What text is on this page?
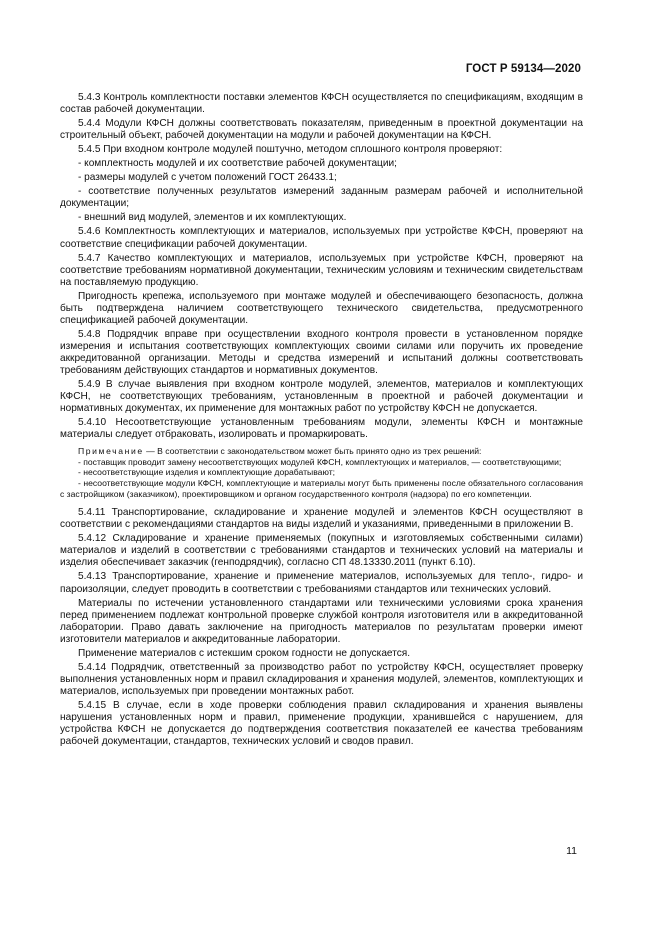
ГОСТ Р 59134—2020

5.4.3 Контроль комплектности поставки элементов КФСН осуществляется по спецификациям, входящим в состав рабочей документации.

5.4.4 Модули КФСН должны соответствовать показателям, приведенным в проектной документации на строительный объект, рабочей документации на модули и рабочей документации на КФСН.

5.4.5 При входном контроле модулей поштучно, методом сплошного контроля проверяют:

- комплектность модулей и их соответствие рабочей документации;

- размеры модулей с учетом положений ГОСТ 26433.1;

- соответствие полученных результатов измерений заданным размерам рабочей и исполнительной документации;

- внешний вид модулей, элементов и их комплектующих.

5.4.6 Комплектность комплектующих и материалов, используемых при устройстве КФСН, проверяют на соответствие спецификации рабочей документации.

5.4.7 Качество комплектующих и материалов, используемых при устройстве КФСН, проверяют на соответствие требованиям нормативной документации, техническим условиям и техническим свидетельствам на поставляемую продукцию.

Пригодность крепежа, используемого при монтаже модулей и обеспечивающего безопасность, должна быть подтверждена наличием соответствующего технического свидетельства, предусмотренного спецификацией рабочей документации.

5.4.8 Подрядчик вправе при осуществлении входного контроля провести в установленном порядке измерения и испытания соответствующих комплектующих своими силами или поручить их проведение аккредитованной организации. Методы и средства измерений и испытаний должны соответствовать требованиям действующих стандартов и нормативных документов.

5.4.9 В случае выявления при входном контроле модулей, элементов, материалов и комплектующих КФСН, не соответствующих требованиям, установленным в проектной и рабочей документации и нормативных документах, их применение для монтажных работ по устройству КФСН не допускается.

5.4.10 Несоответствующие установленным требованиям модули, элементы КФСН и монтажные материалы следует отбраковать, изолировать и промаркировать.

Примечание — В соответствии с законодательством может быть принято одно из трех решений:

- поставщик проводит замену несоответствующих модулей КФСН, комплектующих и материалов, — соответствующими;

- несоответствующие изделия и комплектующие дорабатывают;

- несоответствующие модули КФСН, комплектующие и материалы могут быть применены после обязательного согласования с застройщиком (заказчиком), проектировщиком и органом государственного контроля (надзора) по его компетенции.

5.4.11 Транспортирование, складирование и хранение модулей и элементов КФСН осуществляют в соответствии с рекомендациями стандартов на виды изделий и указаниями, приведенными в приложении В.

5.4.12 Складирование и хранение применяемых (покупных и изготовляемых собственными силами) материалов и изделий в соответствии с требованиями стандартов и технических условий на материалы и изделия обеспечивает заказчик (генподрядчик), согласно СП 48.13330.2011 (пункт 6.10).

5.4.13 Транспортирование, хранение и применение материалов, используемых для тепло-, гидро- и пароизоляции, следует проводить в соответствии с требованиями стандартов или технических условий.

Материалы по истечении установленного стандартами или техническими условиями срока хранения перед применением подлежат контрольной проверке службой контроля изготовителя или в аккредитованной лаборатории. Право давать заключение на пригодность материалов по результатам проверки имеют изготовители материалов и аккредитованные лаборатории.

Применение материалов с истекшим сроком годности не допускается.

5.4.14 Подрядчик, ответственный за производство работ по устройству КФСН, осуществляет проверку выполнения установленных норм и правил складирования и хранения модулей, элементов, комплектующих и материалов, используемых при проведении монтажных работ.

5.4.15 В случае, если в ходе проверки соблюдения правил складирования и хранения выявлены нарушения установленных норм и правил, применение продукции, хранившейся с нарушением, для устройства КФСН не допускается до подтверждения соответствия показателей ее качества требованиям рабочей документации, стандартов, технических условий и сводов правил.

11
